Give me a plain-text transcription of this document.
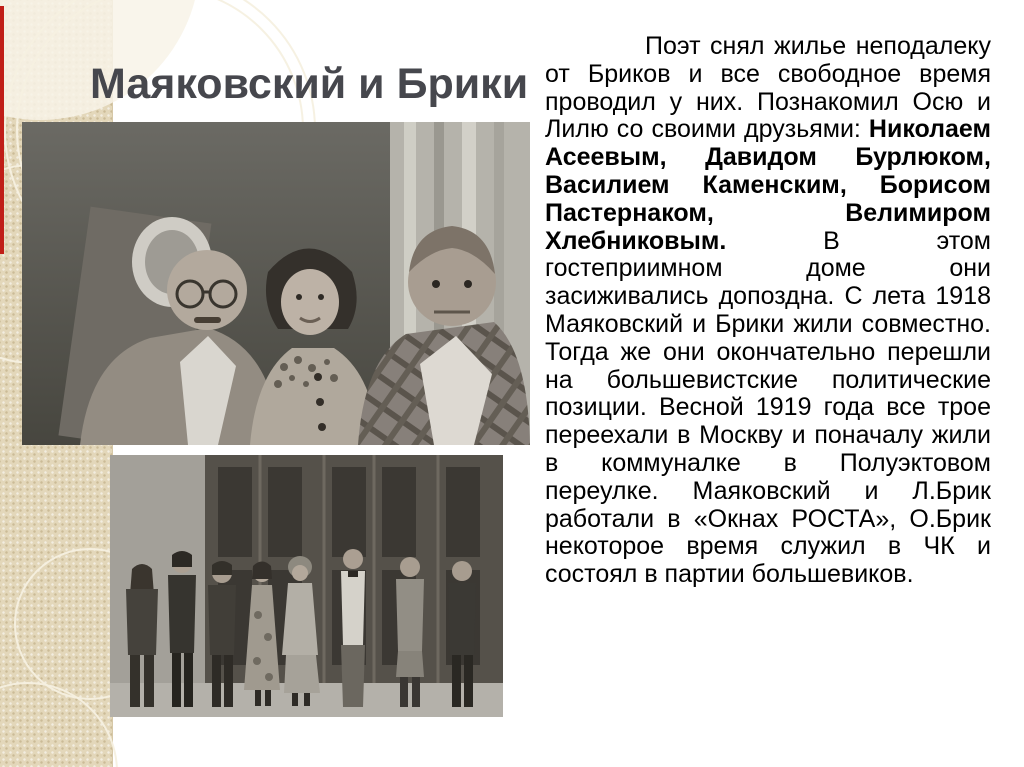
Маяковский и Брики
Поэт снял жилье неподалеку от Бриков и все свободное время проводил у них. Познакомил Осю и Лилю со своими друзьями: Николаем Асеевым, Давидом Бурлюком, Василием Каменским, Борисом Пастернаком, Велимиром Хлебниковым. В этом гостеприимном доме они засиживались допоздна. С лета 1918 Маяковский и Брики жили совместно. Тогда же они окончательно перешли на большевистские политические позиции. Весной 1919 года все трое переехали в Москву и поначалу жили в коммуналке в Полуэктовом переулке. Маяковский и Л.Брик работали в «Окнах РОСТА», О.Брик некоторое время служил в ЧК и состоял в партии большевиков.
